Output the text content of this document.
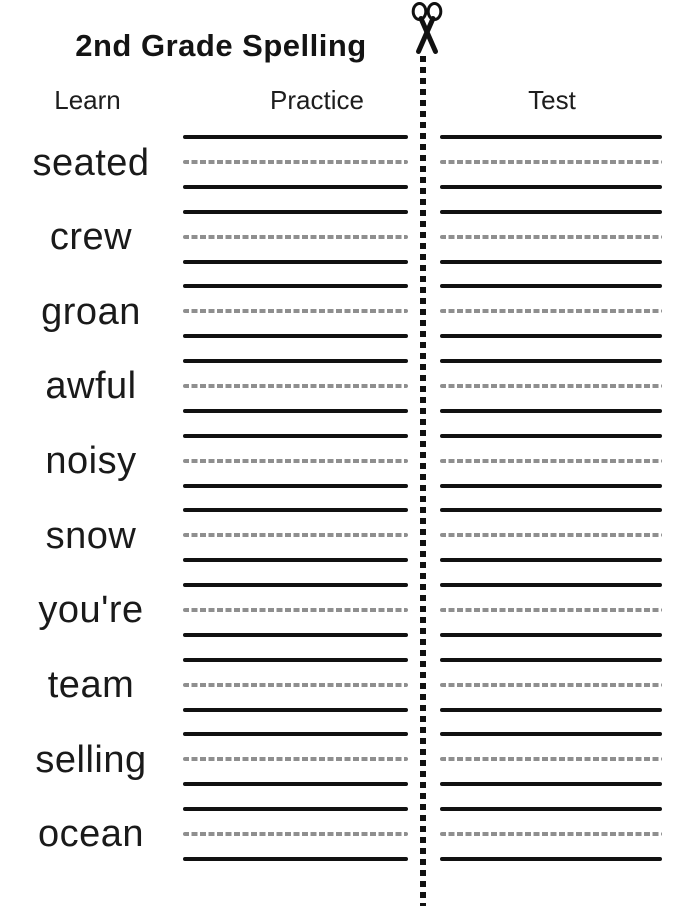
2nd Grade Spelling
Learn	Practice	Test
seated
crew
groan
awful
noisy
snow
you're
team
selling
ocean
